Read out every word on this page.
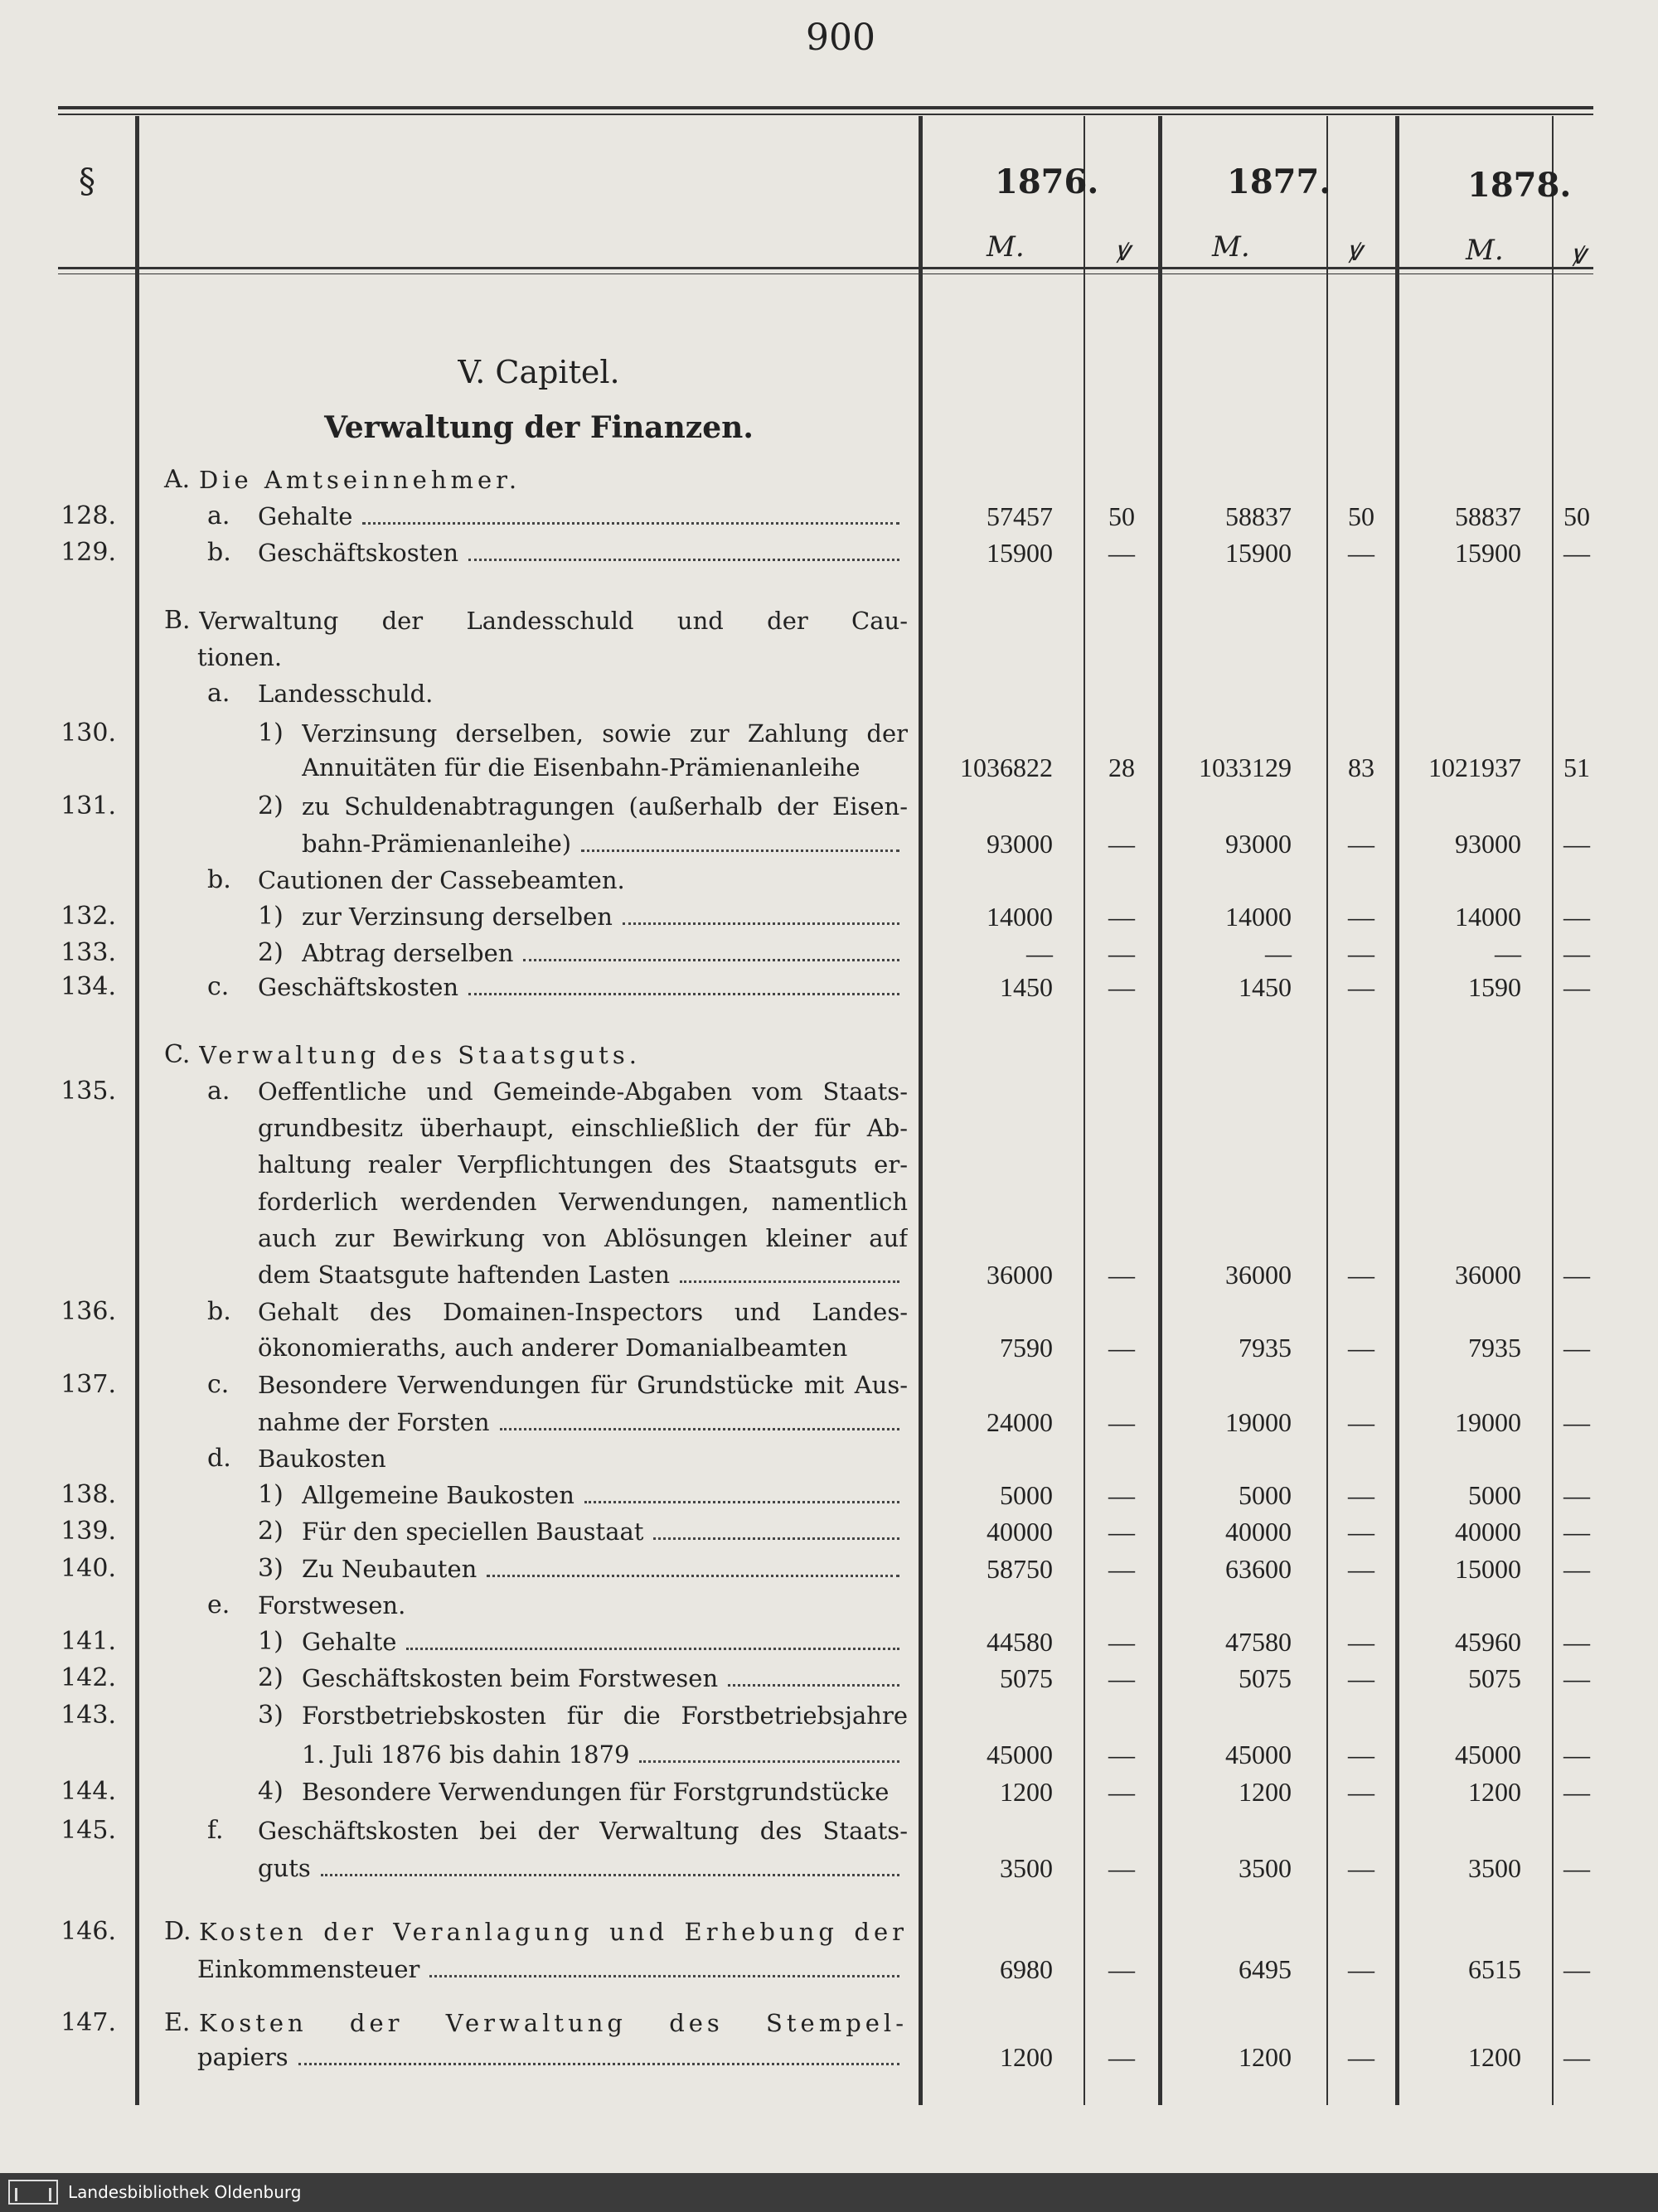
900
§	1876.	1877.	1878.
M.	ꝟ	M.	ꝟ	M. ꝟ
V. Capitel.
Verwaltung der Finanzen.
A. Die Amtseinnehmer.
128.	a. Gehalte	57457	50	58837	50	58837	50
129.	b. Geschäftskosten	15900	—	15900	—	15900	—
B. Verwaltung der Landesschuld und der Cau-
tionen.
a. Landesschuld.
130.	1) Verzinsung derselben, sowie zur Zahlung der
Annuitäten für die Eisenbahn-Prämienanleihe	1036822	28	1033129	83	1021937	51
131.	2) zu Schuldenabtragungen (außerhalb der Eisen-
bahn-Prämienanleihe)	93000	—	93000	—	93000	—
b. Cautionen der Cassebeamten.
132.	1) zur Verzinsung derselben	14000	—	14000	—	14000	—
133.	2) Abtrag derselben	—	—	—	—	—	—
134.	c. Geschäftskosten	1450	—	1450	—	1590	—
C. Verwaltung des Staatsguts.
135.	a. Oeffentliche und Gemeinde-Abgaben vom Staats-
grundbesitz überhaupt, einschließlich der für Ab-
haltung realer Verpflichtungen des Staatsguts er-
forderlich werdenden Verwendungen, namentlich
auch zur Bewirkung von Ablösungen kleiner auf
dem Staatsgute haftenden Lasten	36000	—	36000	—	36000	—
136.	b. Gehalt des Domainen-Inspectors und Landes-
ökonomieraths, auch anderer Domanialbeamten	7590	—	7935	—	7935	—
137.	c. Besondere Verwendungen für Grundstücke mit Aus-
nahme der Forsten	24000	—	19000	—	19000	—
d. Baukosten
138.	1) Allgemeine Baukosten	5000	—	5000	—	5000	—
139.	2) Für den speciellen Baustaat	40000	—	40000	—	40000	—
140.	3) Zu Neubauten	58750	—	63600	—	15000	—
e. Forstwesen.
141.	1) Gehalte	44580	—	47580	—	45960	—
142.	2) Geschäftskosten beim Forstwesen	5075	—	5075	—	5075	—
143.	3) Forstbetriebskosten für die Forstbetriebsjahre
1. Juli 1876 bis dahin 1879	45000	—	45000	—	45000	—
144.	4) Besondere Verwendungen für Forstgrundstücke	1200	—	1200	—	1200	—
145.	f. Geschäftskosten bei der Verwaltung des Staats-
guts	3500	—	3500	—	3500	—
146. D. Kosten der Veranlagung und Erhebung der
Einkommensteuer	6980	—	6495	—	6515	—
147. E. Kosten der Verwaltung des Stempel-
papiers	1200	—	1200	—	1200	—
Landesbibliothek Oldenburg
